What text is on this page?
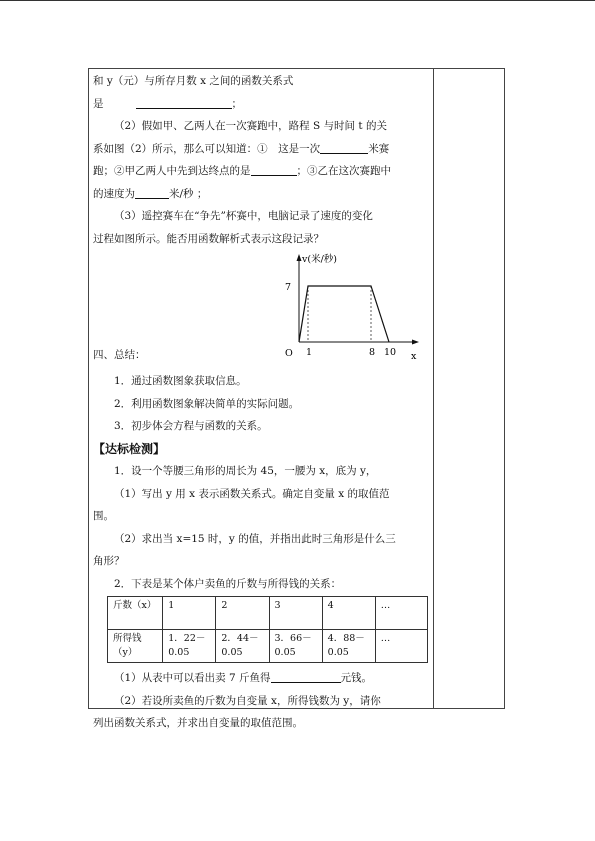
和 y（元）与所存月数 x 之间的函数关系式

是	；

（2）假如甲、乙两人在一次赛跑中，路程 S 与时间 t 的关

系如图（2）所示，那么可以知道：①　这是一次	米赛

跑；②甲乙两人中先到达终点的是	；③乙在这次赛跑中

的速度为	米/秒 ；

（3）遥控赛车在“争先”杯赛中，电脑记录了速度的变化

过程如图所示。能否用函数解析式表示这段记录？

四、总结：
v(米/秒)
x
O 1	8 10
7

1．通过函数图象获取信息。

2．利用函数图象解决简单的实际问题。

3．初步体会方程与函数的关系。

【达标检测】

1．设一个等腰三角形的周长为 45，一腰为 x，底为 y，

（1）写出 y 用 x 表示函数关系式。确定自变量 x 的取值范

围。

（2）求出当 x=15 时，y 的值，并指出此时三角形是什么三

角形？

2．下表是某个体户卖鱼的斤数与所得钱的关系：

斤数（x）	1	2	3	4	…
所得钱（y）	1．22－0.05	2．44－0.05	3．66－0.05	4．88－0.05	…

（1）从表中可以看出卖 7 斤鱼得	元钱。

（2）若设所卖鱼的斤数为自变量 x，所得钱数为 y，请你

列出函数关系式，并求出自变量的取值范围。
